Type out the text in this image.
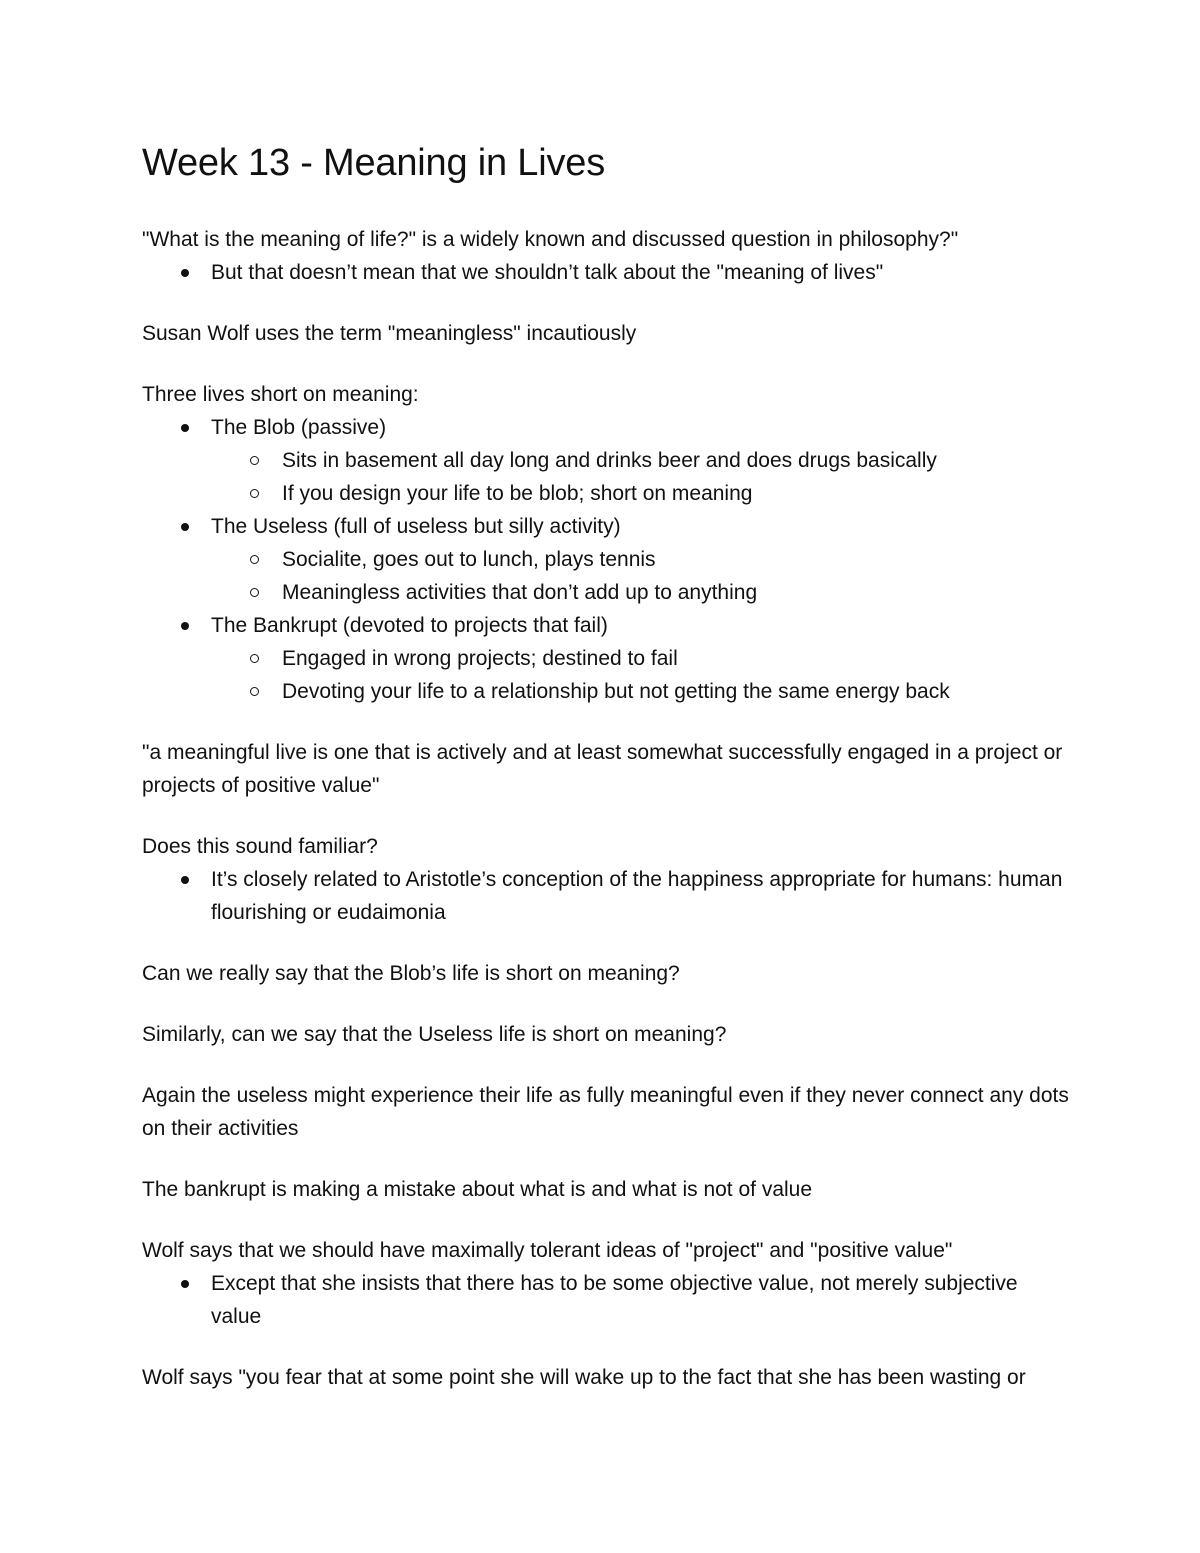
Week 13 - Meaning in Lives

"What is the meaning of life?" is a widely known and discussed question in philosophy?"

But that doesn’t mean that we shouldn’t talk about the "meaning of lives"

Susan Wolf uses the term "meaningless" incautiously

Three lives short on meaning:

The Blob (passive)
Sits in basement all day long and drinks beer and does drugs basically
If you design your life to be blob; short on meaning
The Useless (full of useless but silly activity)
Socialite, goes out to lunch, plays tennis
Meaningless activities that don’t add up to anything
The Bankrupt (devoted to projects that fail)
Engaged in wrong projects; destined to fail
Devoting your life to a relationship but not getting the same energy back

"a meaningful live is one that is actively and at least somewhat successfully engaged in a project or projects of positive value"

Does this sound familiar?

It’s closely related to Aristotle’s conception of the happiness appropriate for humans: human flourishing or eudaimonia

Can we really say that the Blob’s life is short on meaning?

Similarly, can we say that the Useless life is short on meaning?

Again the useless might experience their life as fully meaningful even if they never connect any dots on their activities

The bankrupt is making a mistake about what is and what is not of value

Wolf says that we should have maximally tolerant ideas of "project" and "positive value"

Except that she insists that there has to be some objective value, not merely subjective value

Wolf says "you fear that at some point she will wake up to the fact that she has been wasting or
